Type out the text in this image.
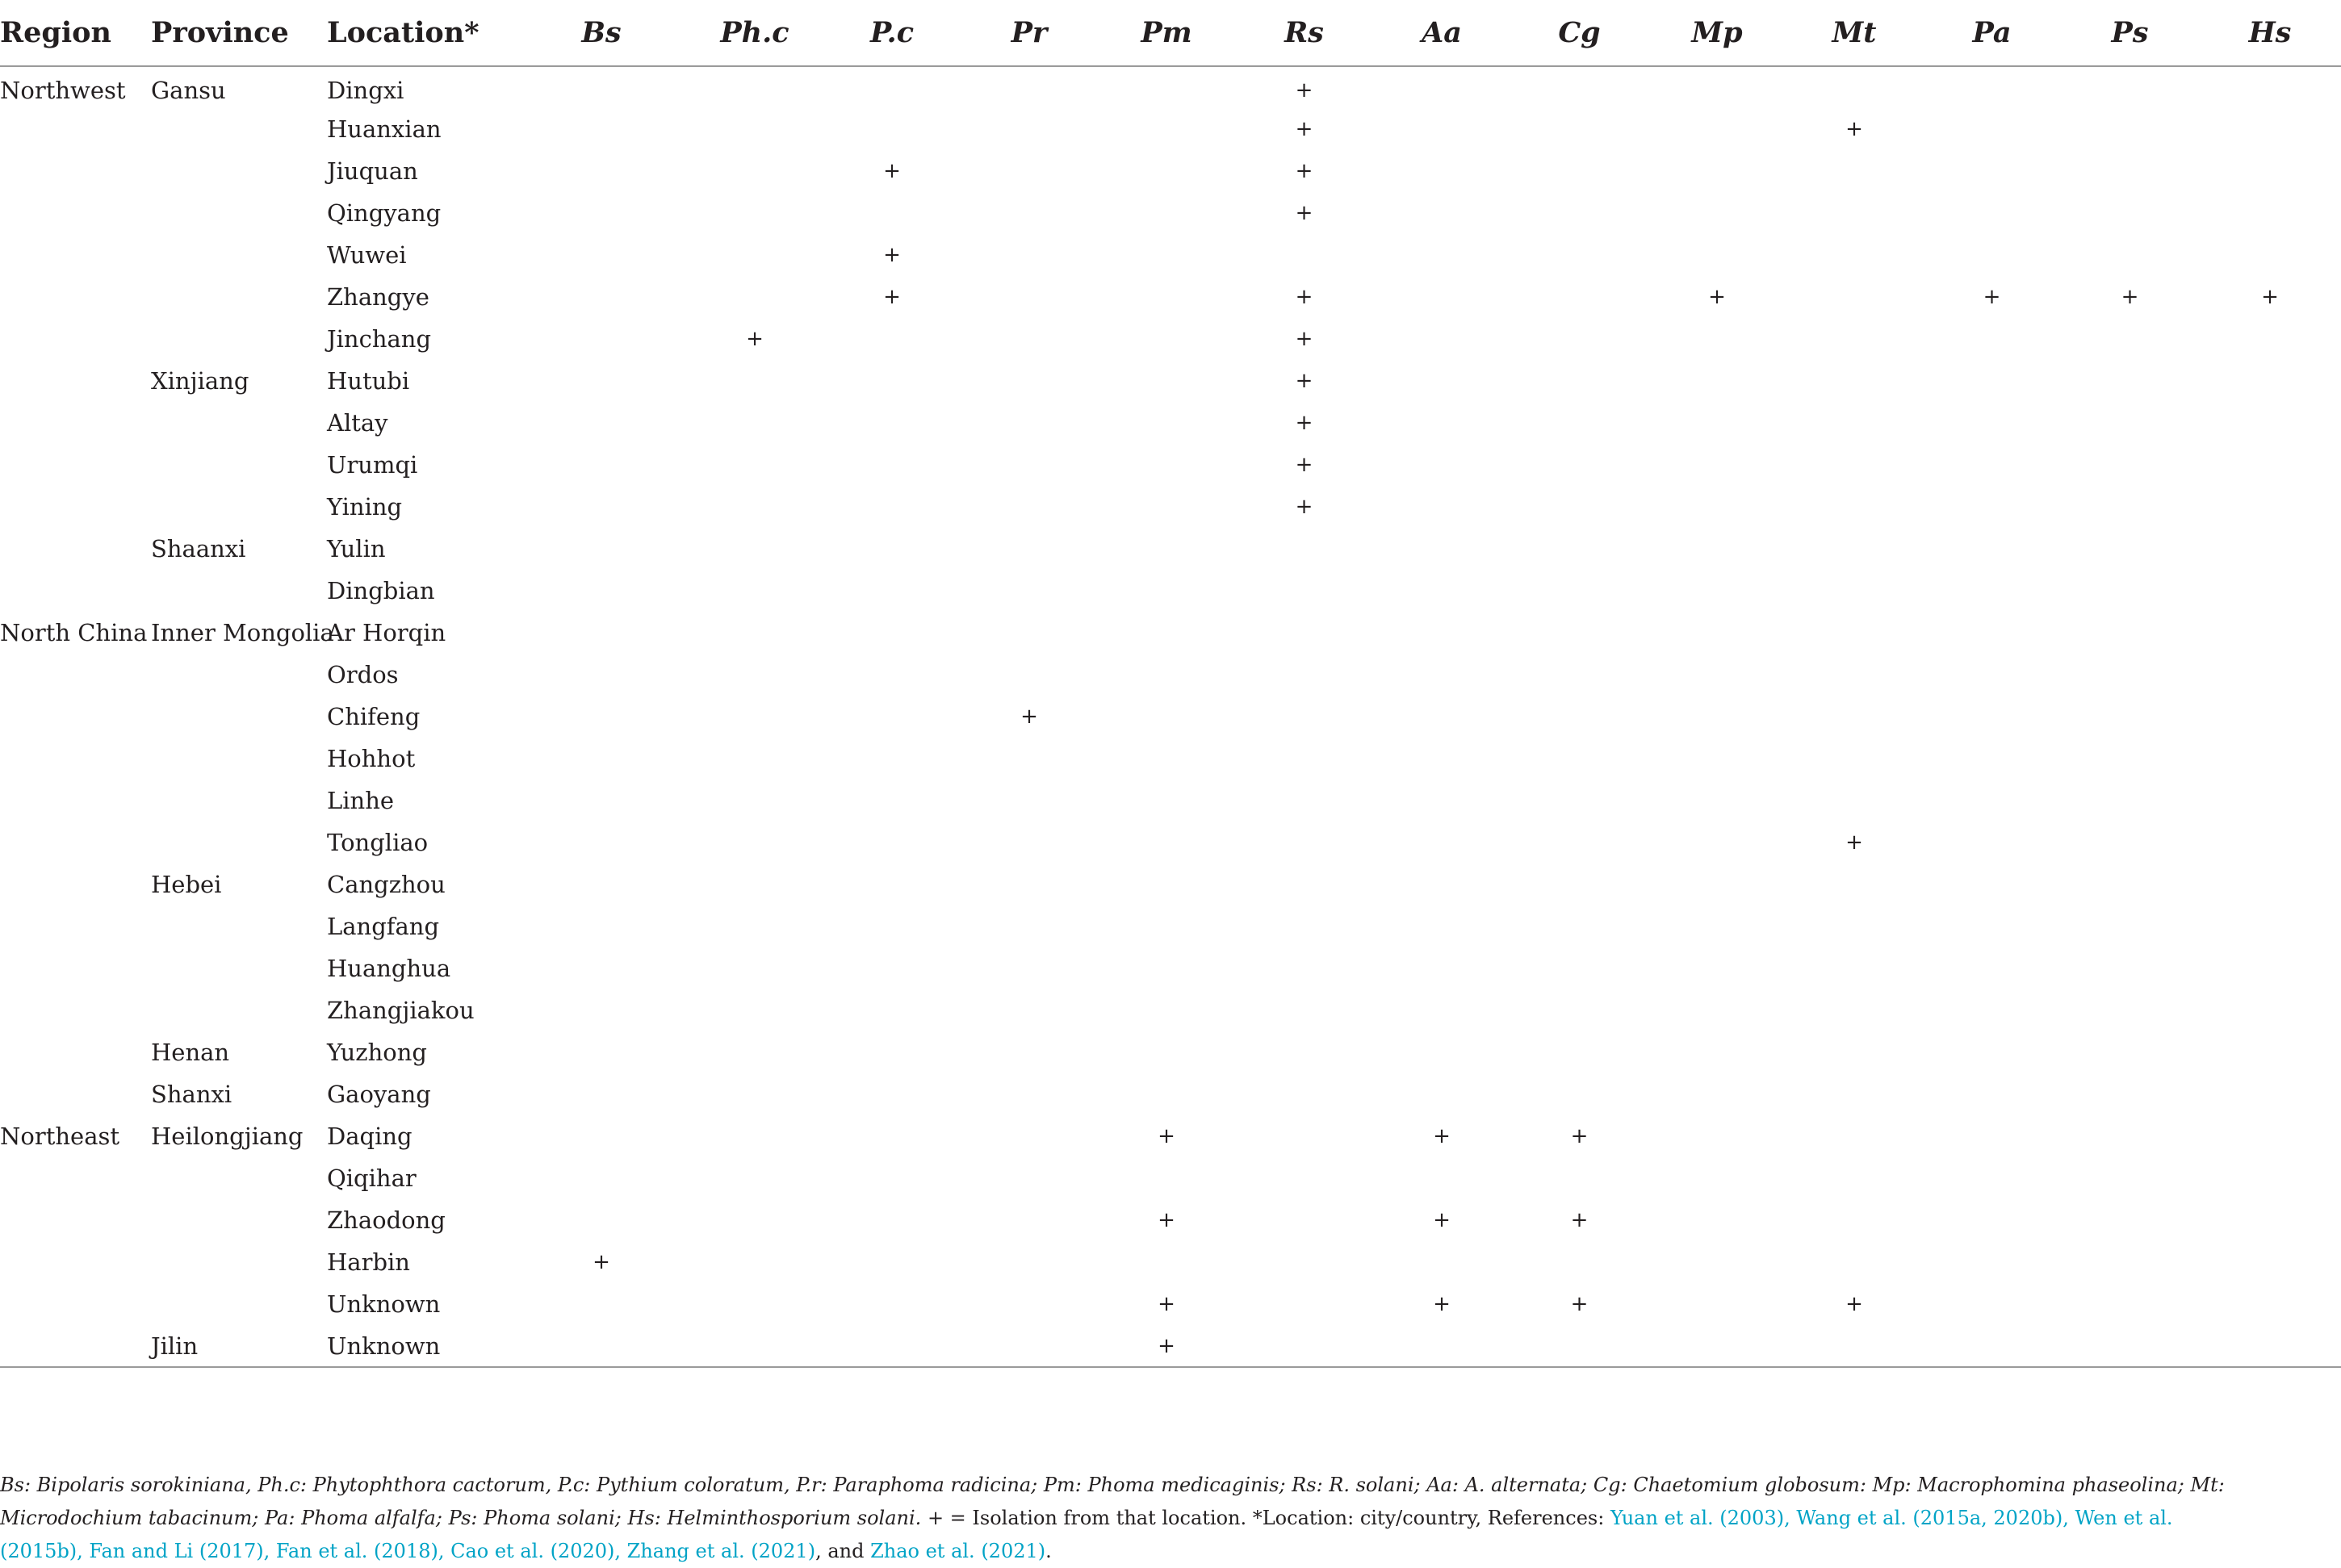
Region	Province	Location*	Bs	Ph.c	P.c	Pr	Pm	Rs	Aa	Cg	Mp	Mt	Pa	Ps	Hs
Northwest	Gansu	Dingxi						+							
		Huanxian						+				+			
		Jiuquan			+			+							
		Qingyang						+							
		Wuwei			+										
		Zhangye			+			+			+		+	+	+
		Jinchang		+				+							
	Xinjiang	Hutubi						+							
		Altay						+							
		Urumqi						+							
		Yining						+							
	Shaanxi	Yulin													
		Dingbian													
North China	Inner Mongolia	Ar Horqin													
		Ordos													
		Chifeng				+									
		Hohhot													
		Linhe													
		Tongliao										+			
	Hebei	Cangzhou													
		Langfang													
		Huanghua													
		Zhangjiakou													
	Henan	Yuzhong													
	Shanxi	Gaoyang													
Northeast	Heilongjiang	Daqing					+		+	+					
		Qiqihar													
		Zhaodong					+		+	+					
		Harbin	+												
		Unknown					+		+	+		+			
	Jilin	Unknown					+								
Bs: Bipolaris sorokiniana, Ph.c: Phytophthora cactorum, P.c: Pythium coloratum, P.r: Paraphoma radicina; Pm: Phoma medicaginis; Rs: R. solani; Aa: A. alternata; Cg: Chaetomium globosum: Mp: Macrophomina phaseolina; Mt: Microdochium tabacinum; Pa: Phoma alfalfa; Ps: Phoma solani; Hs: Helminthosporium solani. + = Isolation from that location. *Location: city/country, References: Yuan et al. (2003), Wang et al. (2015a, 2020b), Wen et al. (2015b), Fan and Li (2017), Fan et al. (2018), Cao et al. (2020), Zhang et al. (2021), and Zhao et al. (2021).
